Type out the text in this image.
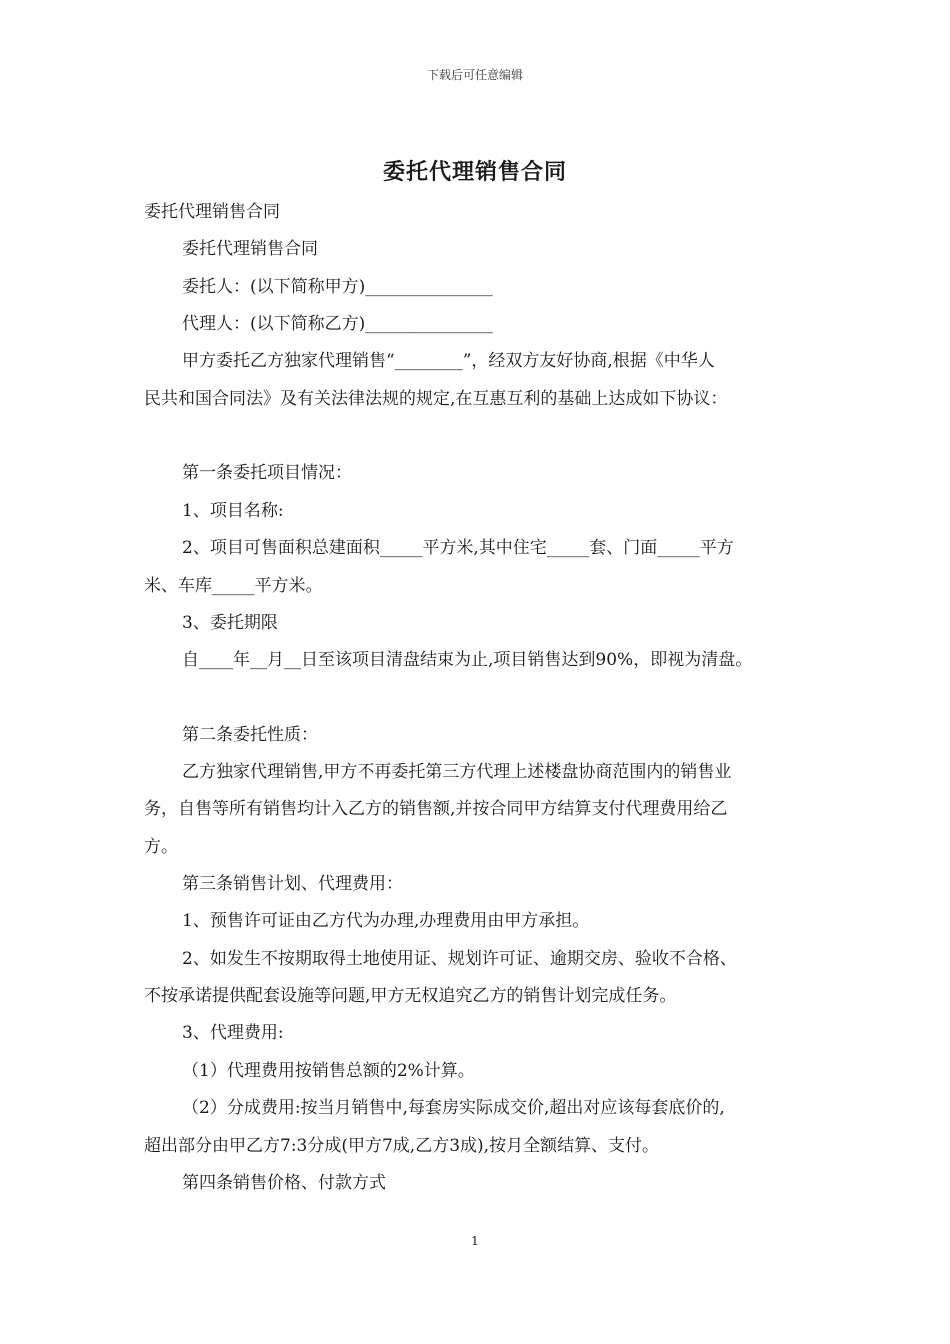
下载后可任意编辑
委托代理销售合同
委托代理销售合同
委托代理销售合同
委托人：(以下简称甲方)_______________
代理人：(以下简称乙方)_______________
甲方委托乙方独家代理销售“________”，经双方友好协商,根据《中华人
民共和国合同法》及有关法律法规的规定,在互惠互利的基础上达成如下协议：
第一条委托项目情况：
1、项目名称:
2、项目可售面积总建面积_____平方米,其中住宅_____套、门面_____平方
米、车库_____平方米。
3、委托期限
自____年__月__日至该项目清盘结束为止,项目销售达到90%，即视为清盘。
第二条委托性质：
乙方独家代理销售,甲方不再委托第三方代理上述楼盘协商范围内的销售业
务，自售等所有销售均计入乙方的销售额,并按合同甲方结算支付代理费用给乙
方。
第三条销售计划、代理费用：
1、预售许可证由乙方代为办理,办理费用由甲方承担。
2、如发生不按期取得土地使用证、规划许可证、逾期交房、验收不合格、
不按承诺提供配套设施等问题,甲方无权追究乙方的销售计划完成任务。
3、代理费用:
（1）代理费用按销售总额的2%计算。
（2）分成费用:按当月销售中,每套房实际成交价,超出对应该每套底价的,
超出部分由甲乙方7:3分成(甲方7成,乙方3成),按月全额结算、支付。
第四条销售价格、付款方式
1
